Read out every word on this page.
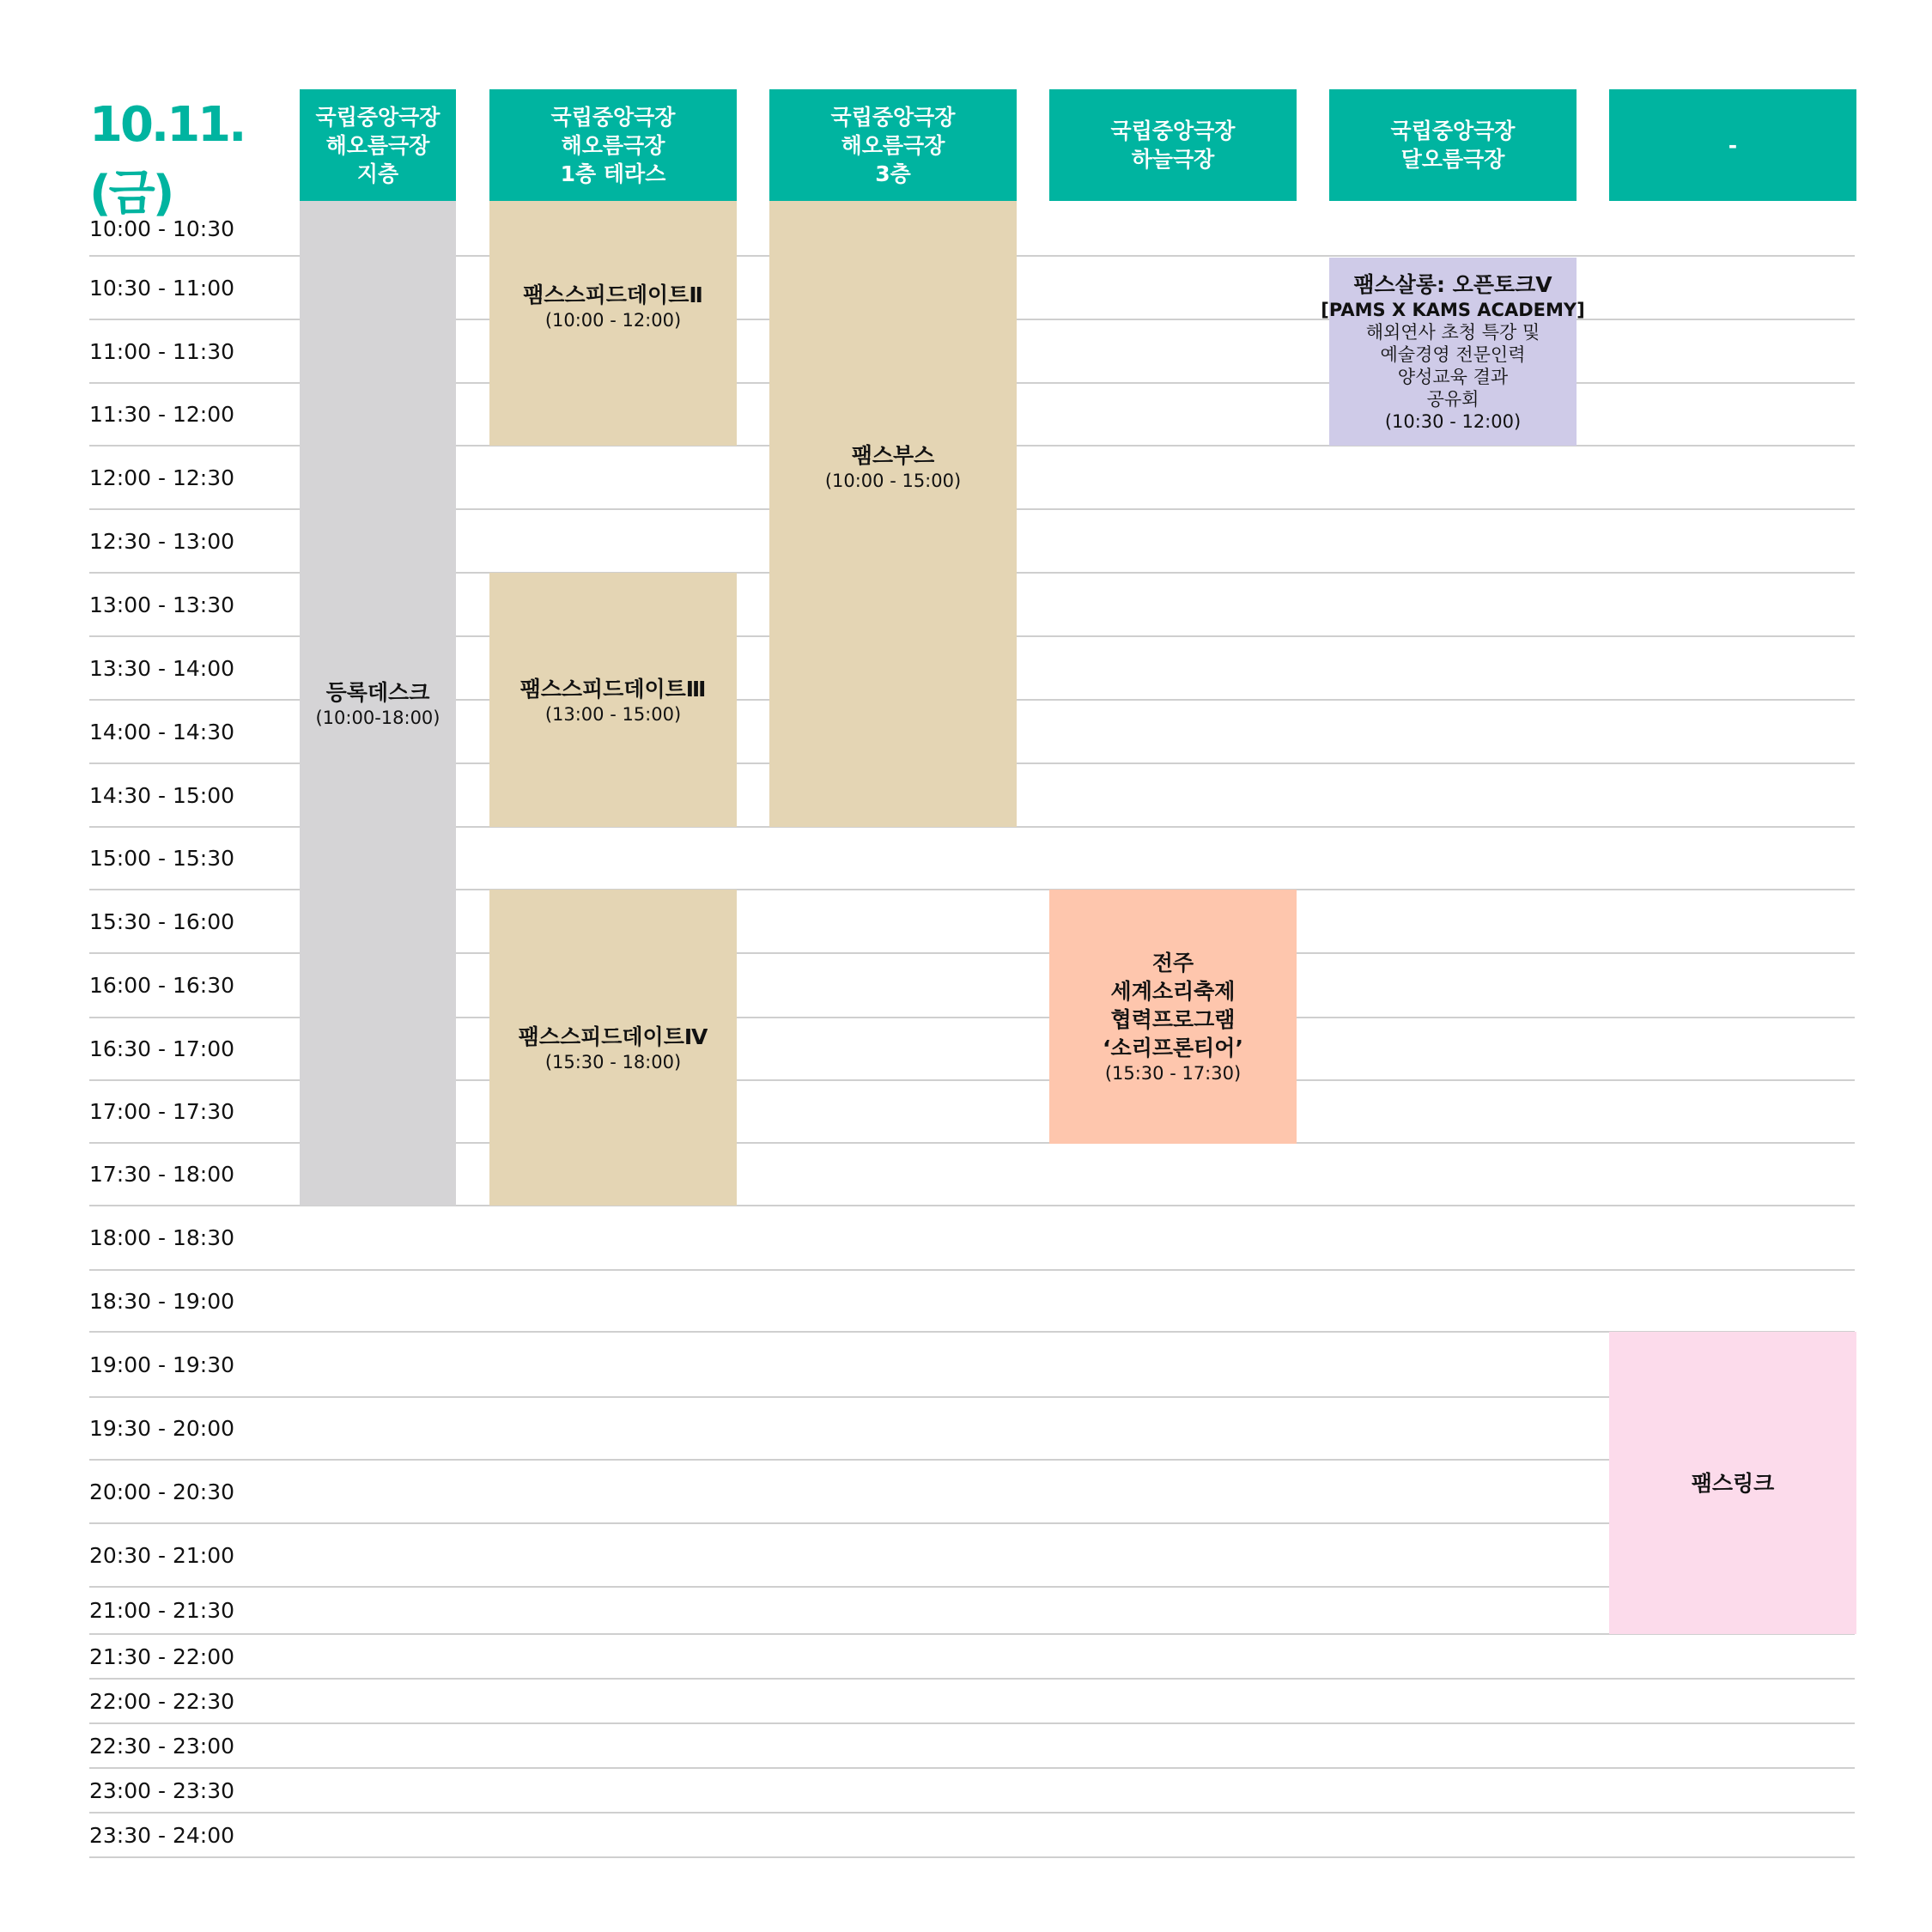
10.11.(금)
국립중앙극장
해오름극장
지층
국립중앙극장
해오름극장
1층 테라스
국립중앙극장
해오름극장
3층
국립중앙극장
하늘극장
국립중앙극장
달오름극장
-
10:00 - 10:30
10:30 - 11:00
11:00 - 11:30
11:30 - 12:00
12:00 - 12:30
12:30 - 13:00
13:00 - 13:30
13:30 - 14:00
14:00 - 14:30
14:30 - 15:00
15:00 - 15:30
15:30 - 16:00
16:00 - 16:30
16:30 - 17:00
17:00 - 17:30
17:30 - 18:00
18:00 - 18:30
18:30 - 19:00
19:00 - 19:30
19:30 - 20:00
20:00 - 20:30
20:30 - 21:00
21:00 - 21:30
21:30 - 22:00
22:00 - 22:30
22:30 - 23:00
23:00 - 23:30
23:30 - 24:00
등록데스크
(10:00-18:00)
팸스스피드데이트Ⅱ
(10:00 - 12:00)
팸스스피드데이트Ⅲ
(13:00 - 15:00)
팸스스피드데이트Ⅳ
(15:30 - 18:00)
팸스부스
(10:00 - 15:00)
팸스살롱: 오픈토크Ⅴ
[PAMS X KAMS ACADEMY]
해외연사 초청 특강 및
예술경영 전문인력
양성교육 결과
공유회
(10:30 - 12:00)
전주
세계소리축제
협력프로그램
‘소리프론티어’
(15:30 - 17:30)
팸스링크
